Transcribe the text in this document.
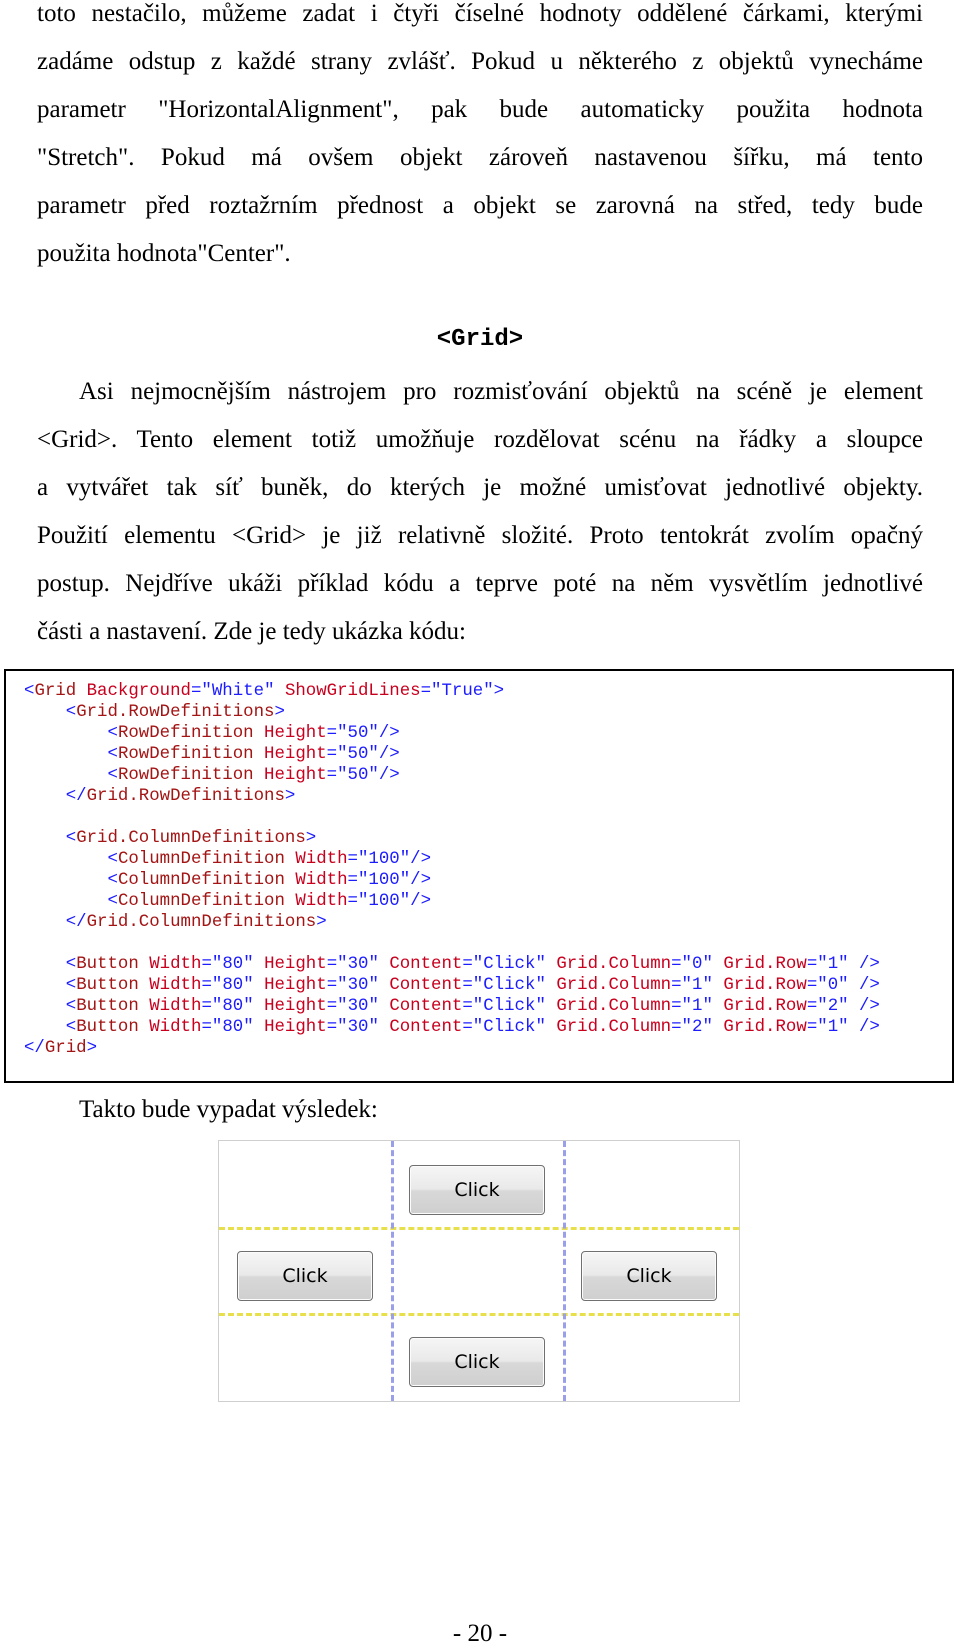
toto nestačilo, můžeme zadat i čtyři číselné hodnoty oddělené čárkami, kterými
zadáme odstup z každé strany zvlášť. Pokud u některého z objektů vynecháme
parametr "HorizontalAlignment", pak bude automaticky použita hodnota
"Stretch". Pokud má ovšem objekt zároveň nastavenou šířku, má tento
parametr před roztažrním přednost a objekt se zarovná na střed, tedy bude
použita hodnota"Center".
<Grid>
Asi nejmocnějším nástrojem pro rozmisťování objektů na scéně je element
<Grid>. Tento element totiž umožňuje rozdělovat scénu na řádky a sloupce
a vytvářet tak síť buněk, do kterých je možné umisťovat jednotlivé objekty.
Použití elementu <Grid> je již relativně složité. Proto tentokrát zvolím opačný
postup. Nejdříve ukáži příklad kódu a teprve poté na něm vysvětlím jednotlivé
části a nastavení. Zde je tedy ukázka kódu:
<Grid Background="White" ShowGridLines="True">
<Grid.RowDefinitions>
<RowDefinition Height="50"/>
<RowDefinition Height="50"/>
<RowDefinition Height="50"/>
</Grid.RowDefinitions>

<Grid.ColumnDefinitions>
<ColumnDefinition Width="100"/>
<ColumnDefinition Width="100"/>
<ColumnDefinition Width="100"/>
</Grid.ColumnDefinitions>

<Button Width="80" Height="30" Content="Click" Grid.Column="0" Grid.Row="1" />
<Button Width="80" Height="30" Content="Click" Grid.Column="1" Grid.Row="0" />
<Button Width="80" Height="30" Content="Click" Grid.Column="1" Grid.Row="2" />
<Button Width="80" Height="30" Content="Click" Grid.Column="2" Grid.Row="1" />
</Grid>

Takto bude vypadat výsledek:

Click
Click
Click
Click

- 20 -
